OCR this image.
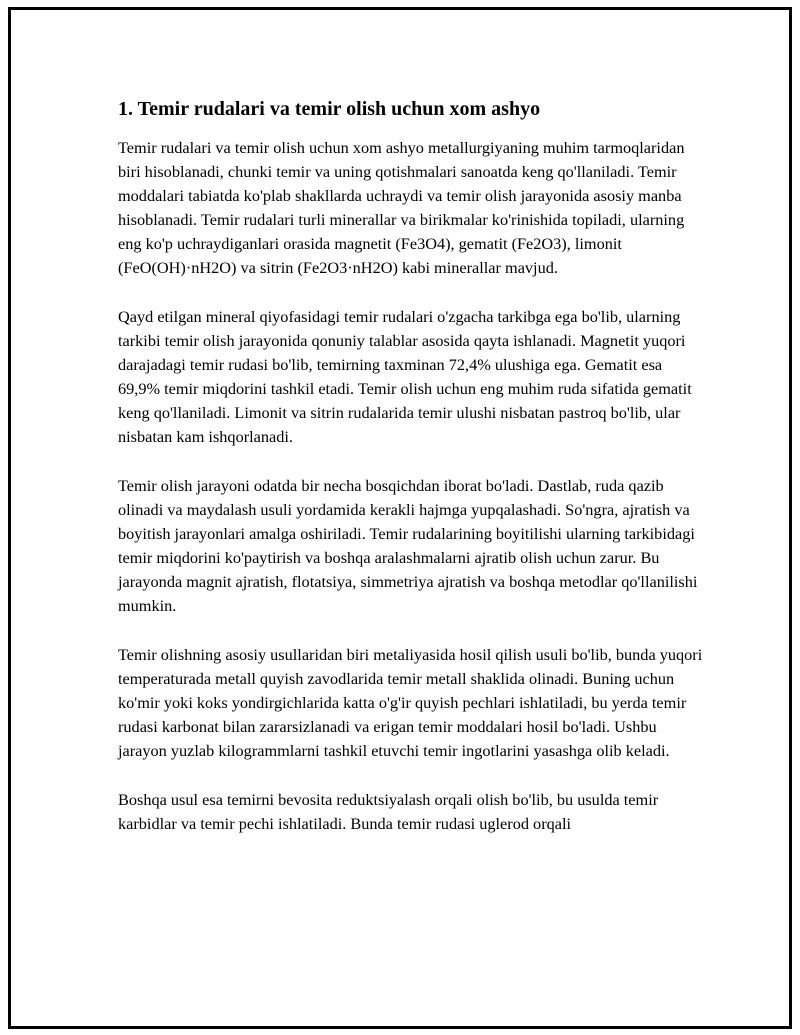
1. Temir rudalari va temir olish uchun xom ashyo

Temir rudalari va temir olish uchun xom ashyo metallurgiyaning muhim tarmoqlaridan biri hisoblanadi, chunki temir va uning qotishmalari sanoatda keng qo'llaniladi. Temir moddalari tabiatda ko'plab shakllarda uchraydi va temir olish jarayonida asosiy manba hisoblanadi. Temir rudalari turli minerallar va birikmalar ko'rinishida topiladi, ularning eng ko'p uchraydiganlari orasida magnetit (Fe3O4), gematit (Fe2O3), limonit (FeO(OH)·nH2O) va sitrin (Fe2O3·nH2O) kabi minerallar mavjud.

Qayd etilgan mineral qiyofasidagi temir rudalari o'zgacha tarkibga ega bo'lib, ularning tarkibi temir olish jarayonida qonuniy talablar asosida qayta ishlanadi. Magnetit yuqori darajadagi temir rudasi bo'lib, temirning taxminan 72,4% ulushiga ega. Gematit esa 69,9% temir miqdorini tashkil etadi. Temir olish uchun eng muhim ruda sifatida gematit keng qo'llaniladi. Limonit va sitrin rudalarida temir ulushi nisbatan pastroq bo'lib, ular nisbatan kam ishqorlanadi.

Temir olish jarayoni odatda bir necha bosqichdan iborat bo'ladi. Dastlab, ruda qazib olinadi va maydalash usuli yordamida kerakli hajmga yupqalashadi. So'ngra, ajratish va boyitish jarayonlari amalga oshiriladi. Temir rudalarining boyitilishi ularning tarkibidagi temir miqdorini ko'paytirish va boshqa aralashmalarni ajratib olish uchun zarur. Bu jarayonda magnit ajratish, flotatsiya, simmetriya ajratish va boshqa metodlar qo'llanilishi mumkin.

Temir olishning asosiy usullaridan biri metaliyasida hosil qilish usuli bo'lib, bunda yuqori temperaturada metall quyish zavodlarida temir metall shaklida olinadi. Buning uchun ko'mir yoki koks yondirgichlarida katta o'g'ir quyish pechlari ishlatiladi, bu yerda temir rudasi karbonat bilan zararsizlanadi va erigan temir moddalari hosil bo'ladi. Ushbu jarayon yuzlab kilogrammlarni tashkil etuvchi temir ingotlarini yasashga olib keladi.

Boshqa usul esa temirni bevosita reduktsiyalash orqali olish bo'lib, bu usulda temir karbidlar va temir pechi ishlatiladi. Bunda temir rudasi uglerod orqali
